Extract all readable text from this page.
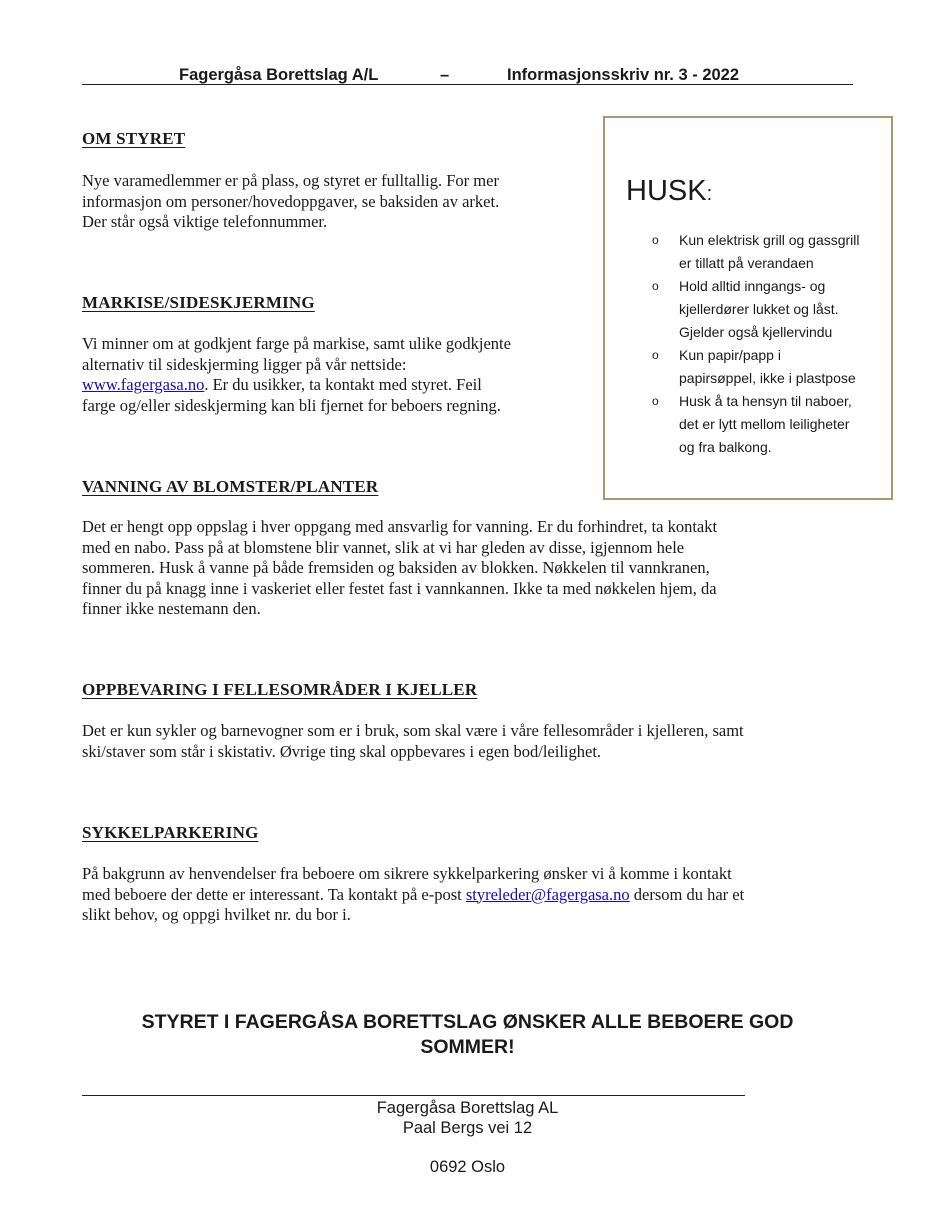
Fagergåsa Borettslag A/L	–	Informasjonsskriv nr. 3 - 2022
OM STYRET

Nye varamedlemmer er på plass, og styret er fulltallig. For mer
informasjon om personer/hovedoppgaver, se baksiden av arket.
Der står også viktige telefonnummer.

MARKISE/SIDESKJERMING

Vi minner om at godkjent farge på markise, samt ulike godkjente
alternativ til sideskjerming ligger på vår nettside:
www.fagergasa.no. Er du usikker, ta kontakt med styret. Feil
farge og/eller sideskjerming kan bli fjernet for beboers regning.

VANNING AV BLOMSTER/PLANTER

Det er hengt opp oppslag i hver oppgang med ansvarlig for vanning. Er du forhindret, ta kontakt
med en nabo. Pass på at blomstene blir vannet, slik at vi har gleden av disse, igjennom hele
sommeren. Husk å vanne på både fremsiden og baksiden av blokken. Nøkkelen til vannkranen,
finner du på knagg inne i vaskeriet eller festet fast i vannkannen. Ikke ta med nøkkelen hjem, da
finner ikke nestemann den.

OPPBEVARING I FELLESOMRÅDER I KJELLER

Det er kun sykler og barnevogner som er i bruk, som skal være i våre fellesområder i kjelleren, samt
ski/staver som står i skistativ. Øvrige ting skal oppbevares i egen bod/leilighet.

SYKKELPARKERING

På bakgrunn av henvendelser fra beboere om sikrere sykkelparkering ønsker vi å komme i kontakt
med beboere der dette er interessant. Ta kontakt på e-post styreleder@fagergasa.no dersom du har et
slikt behov, og oppgi hvilket nr. du bor i.

HUSK:
o Kun elektrisk grill og gassgrill
er tillatt på verandaen
o Hold alltid inngangs- og
kjellerdører lukket og låst.
Gjelder også kjellervindu
o Kun papir/papp i
papirsøppel, ikke i plastpose
o Husk å ta hensyn til naboer,
det er lytt mellom leiligheter
og fra balkong.
STYRET I FAGERGÅSA BORETTSLAG ØNSKER ALLE BEBOERE GOD
SOMMER!
Fagergåsa Borettslag AL
Paal Bergs vei 12
0692 Oslo
